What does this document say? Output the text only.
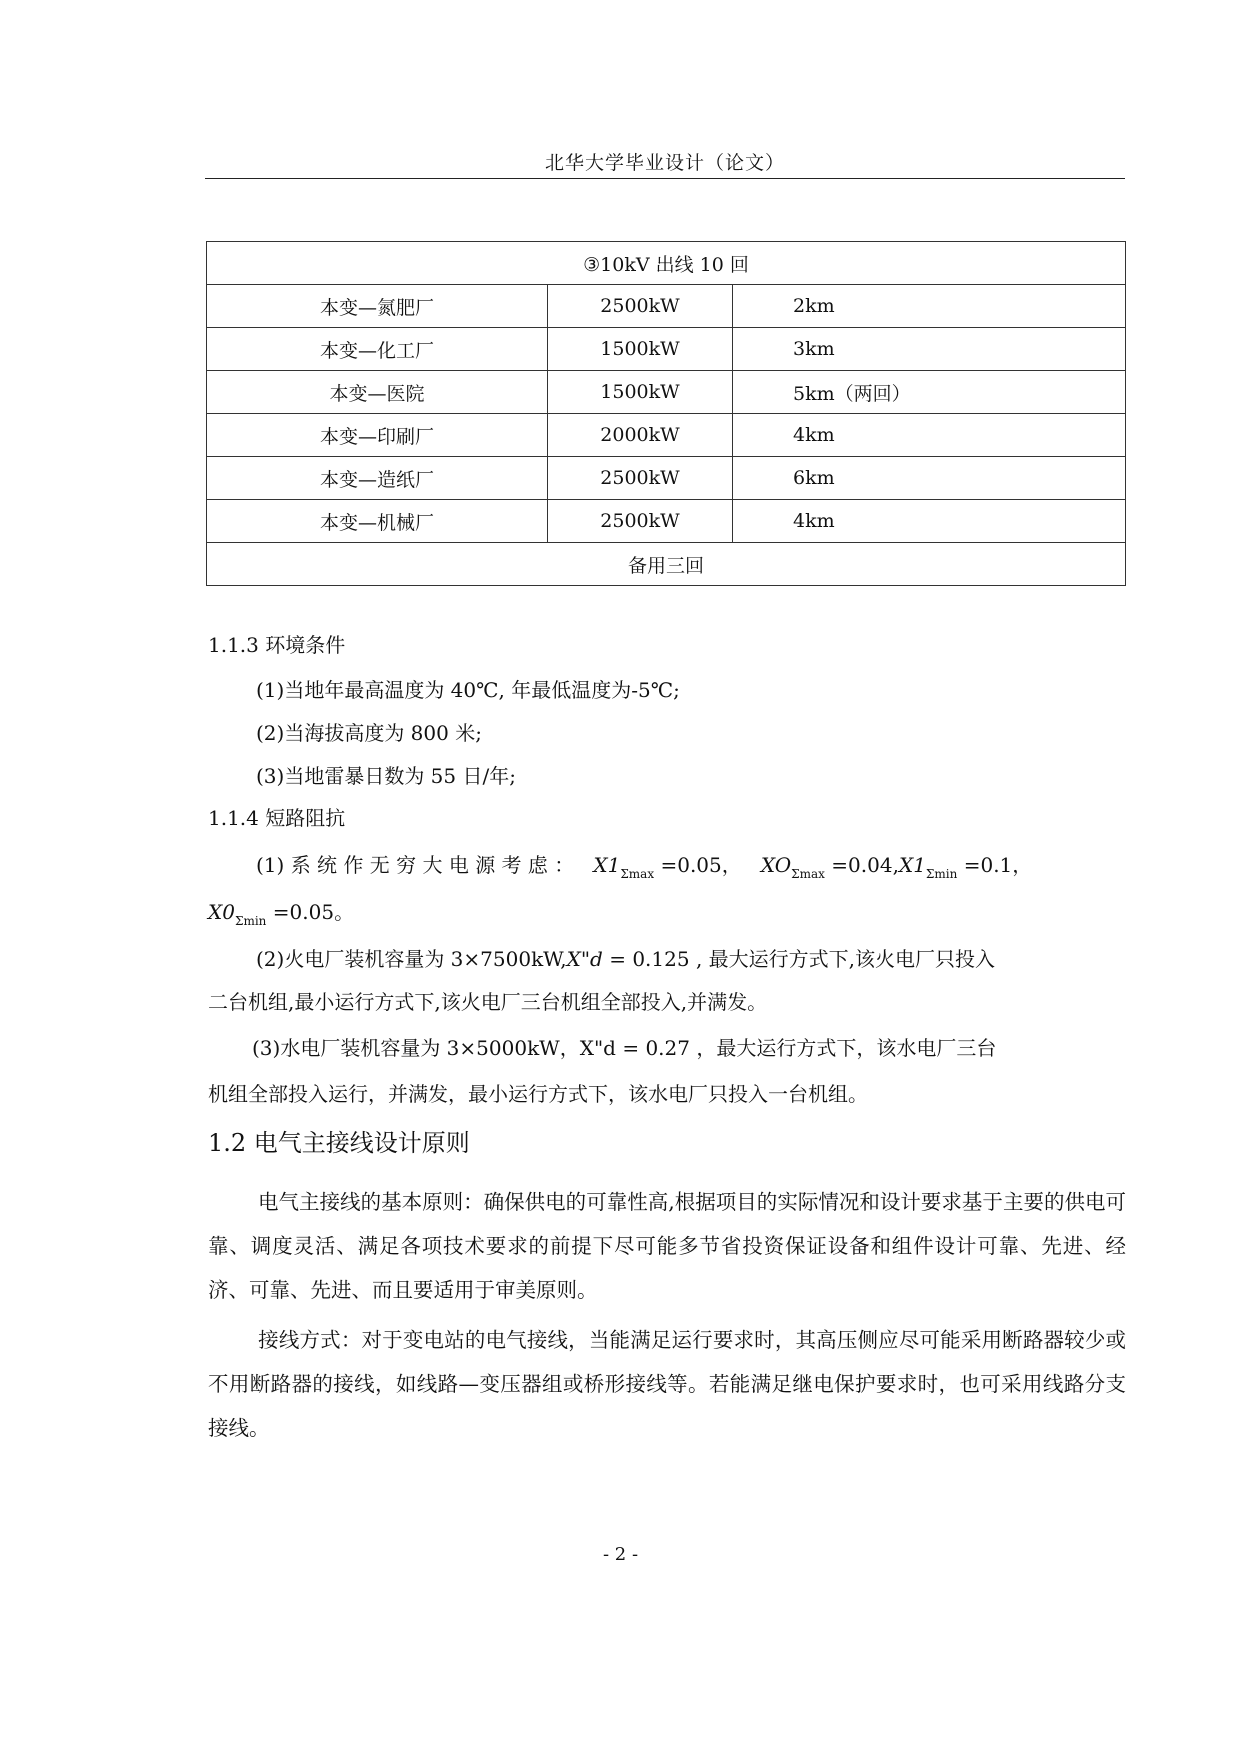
北华大学毕业设计（论文）
③10kV 出线 10 回		
本变—氮肥厂	2500kW	2km
本变—化工厂	1500kW	3km
本变—医院	1500kW	5km（两回）
本变—印刷厂	2000kW	4km
本变—造纸厂	2500kW	6km
本变—机械厂	2500kW	4km
备用三回		
1.1.3 环境条件
(1)当地年最高温度为 40℃, 年最低温度为-5℃;
(2)当海拔高度为 800 米;
(3)当地雷暴日数为 55 日/年;
1.1.4 短路阻抗
(1) 系 统 作 无 穷 大 电 源 考 虑 ： $X1_{\Sigma max} =0.05$，   $XO_{\Sigma max} =0.04,X1_{\Sigma min} =0.1$，
$X0_{\Sigma min} =0.05$。
(2)火电厂装机容量为 3×7500kW,X"d = 0.125 , 最大运行方式下,该火电厂只投入
二台机组,最小运行方式下,该火电厂三台机组全部投入,并满发。
(3)水电厂装机容量为 3×5000kW，X"d = 0.27 ，最大运行方式下，该水电厂三台
机组全部投入运行，并满发，最小运行方式下，该水电厂只投入一台机组。
1.2 电气主接线设计原则
电气主接线的基本原则：确保供电的可靠性高,根据项目的实际情况和设计要求基于主要的供电可靠、调度灵活、满足各项技术要求的前提下尽可能多节省投资保证设备和组件设计可靠、先进、经济、可靠、先进、而且要适用于审美原则。
接线方式：对于变电站的电气接线，当能满足运行要求时，其高压侧应尽可能采用断路器较少或不用断路器的接线，如线路—变压器组或桥形接线等。若能满足继电保护要求时，也可采用线路分支接线。
- 2 -
